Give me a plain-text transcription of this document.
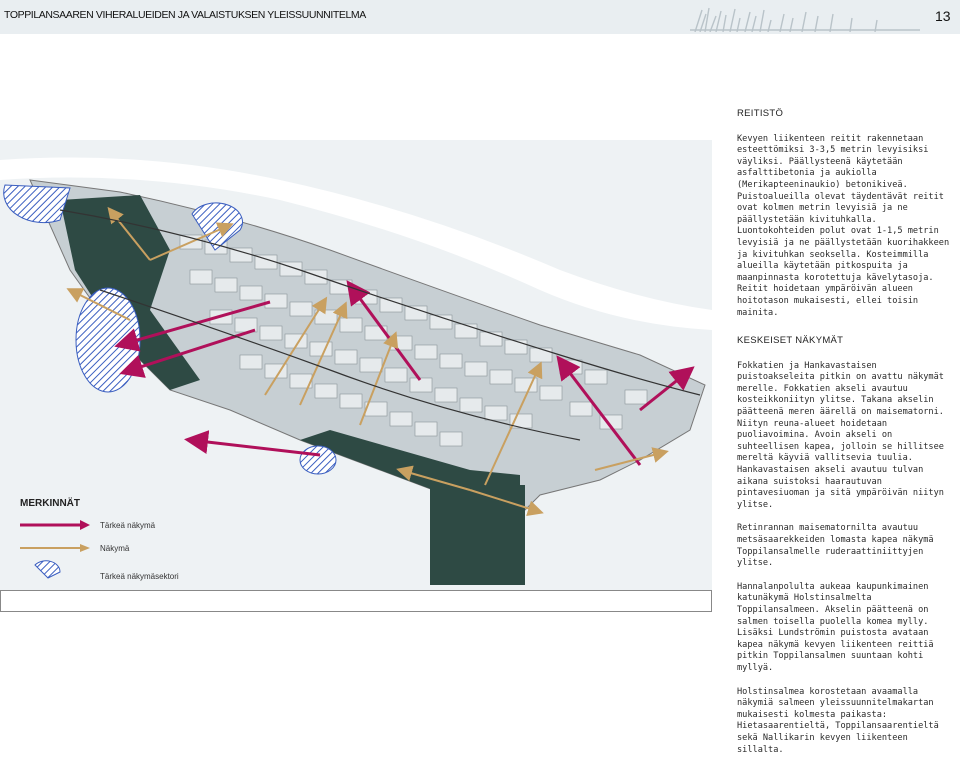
TOPPILANSAAREN VIHERALUEIDEN JA VALAISTUKSEN YLEISSUUNNITELMA	13
MERKINNÄT
Tärkeä näkymä
Näkymä
Tärkeä näkymäsektori
REITISTÖ

Kevyen liikenteen reitit rakennetaan esteettömiksi 3-3,5 metrin levyisiksi väyliksi. Päällysteenä käytetään asfalttibetonia ja aukiolla (Merikapteeninaukio) betonikiveä. Puistoalueilla olevat täydentävät reitit ovat kolmen metrin levyisiä ja ne päällystetään kivituhkalla. Luontokohteiden polut ovat 1-1,5 metrin levyisiä ja ne päällystetään kuorihakkeen ja kivituhkan seoksella. Kosteimmilla alueilla käytetään pitkospuita ja maanpinnasta korotettuja kävelytasoja. Reitit hoidetaan ympäröivän alueen hoitotason mukaisesti, ellei toisin mainita.

KESKEISET NÄKYMÄT

Fokkatien ja Hankavastaisen puistoakseleita pitkin on avattu näkymät merelle. Fokkatien akseli avautuu kosteikkoniityn ylitse. Takana akselin päätteenä meren äärellä on maisematorni. Niityn reuna-alueet hoidetaan puoliavoimina. Avoin akseli on suhteellisen kapea, jolloin se hillitsee mereltä käyviä vallitsevia tuulia. Hankavastaisen akseli avautuu tulvan aikana suistoksi haarautuvan pintavesiuoman ja sitä ympäröivän niityn ylitse.

Retinrannan maisematornilta avautuu metsäsaarekkeiden lomasta kapea näkymä Toppilansalmelle ruderaattiniittyjen ylitse.

Hannalanpolulta aukeaa kaupunkimainen katunäkymä Holstinsalmelta Toppilansalmeen. Akselin päätteenä on salmen toisella puolella komea mylly. Lisäksi Lundströmin puistosta avataan kapea näkymä kevyen liikenteen reittiä pitkin Toppilansalmen suuntaan kohti myllyä.

Holstinsalmea korostetaan avaamalla näkymiä salmeen yleissuunnitelmakartan mukaisesti kolmesta paikasta: Hietasaarentieltä, Toppilansaarentieltä sekä Nallikarin kevyen liikenteen sillalta.
